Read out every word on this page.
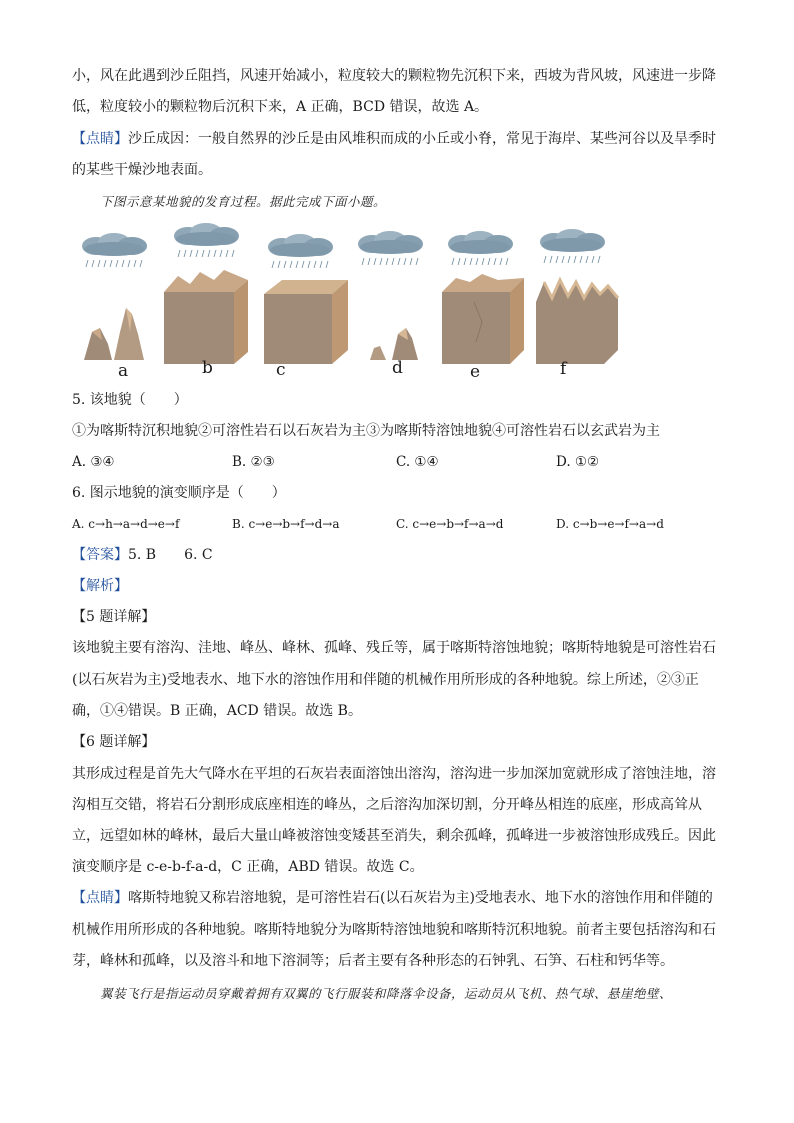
小，风在此遇到沙丘阻挡，风速开始减小，粒度较大的颗粒物先沉积下来，西坡为背风坡，风速进一步降
低，粒度较小的颗粒物后沉积下来，A 正确，BCD 错误，故选 A。
【点睛】沙丘成因：一般自然界的沙丘是由风堆积而成的小丘或小脊，常见于海岸、某些河谷以及旱季时
的某些干燥沙地表面。
下图示意某地貌的发育过程。据此完成下面小题。
a	b	c	d	e	f
5. 该地貌（　　）
①为喀斯特沉积地貌②可溶性岩石以石灰岩为主③为喀斯特溶蚀地貌④可溶性岩石以玄武岩为主
A. ③④	B. ②③	C. ①④	D. ①②
6. 图示地貌的演变顺序是（　　）
A. c→h→a→d→e→f	B. c→e→b→f→d→a	C. c→e→b→f→a→d	D. c→b→e→f→a→d
【答案】5. B　　6. C
【解析】
【5 题详解】
该地貌主要有溶沟、洼地、峰丛、峰林、孤峰、残丘等，属于喀斯特溶蚀地貌；喀斯特地貌是可溶性岩石
(以石灰岩为主)受地表水、地下水的溶蚀作用和伴随的机械作用所形成的各种地貌。综上所述，②③正
确，①④错误。B 正确，ACD 错误。故选 B。
【6 题详解】
其形成过程是首先大气降水在平坦的石灰岩表面溶蚀出溶沟，溶沟进一步加深加宽就形成了溶蚀洼地，溶
沟相互交错，将岩石分割形成底座相连的峰丛，之后溶沟加深切割，分开峰丛相连的底座，形成高耸从
立，远望如林的峰林，最后大量山峰被溶蚀变矮甚至消失，剩余孤峰，孤峰进一步被溶蚀形成残丘。因此
演变顺序是 c-e-b-f-a-d，C 正确，ABD 错误。故选 C。
【点睛】喀斯特地貌又称岩溶地貌，是可溶性岩石(以石灰岩为主)受地表水、地下水的溶蚀作用和伴随的
机械作用所形成的各种地貌。喀斯特地貌分为喀斯特溶蚀地貌和喀斯特沉积地貌。前者主要包括溶沟和石
芽，峰林和孤峰，以及溶斗和地下溶洞等；后者主要有各种形态的石钟乳、石笋、石柱和钙华等。
翼装飞行是指运动员穿戴着拥有双翼的飞行服装和降落伞设备，运动员从飞机、热气球、悬崖绝壁、
